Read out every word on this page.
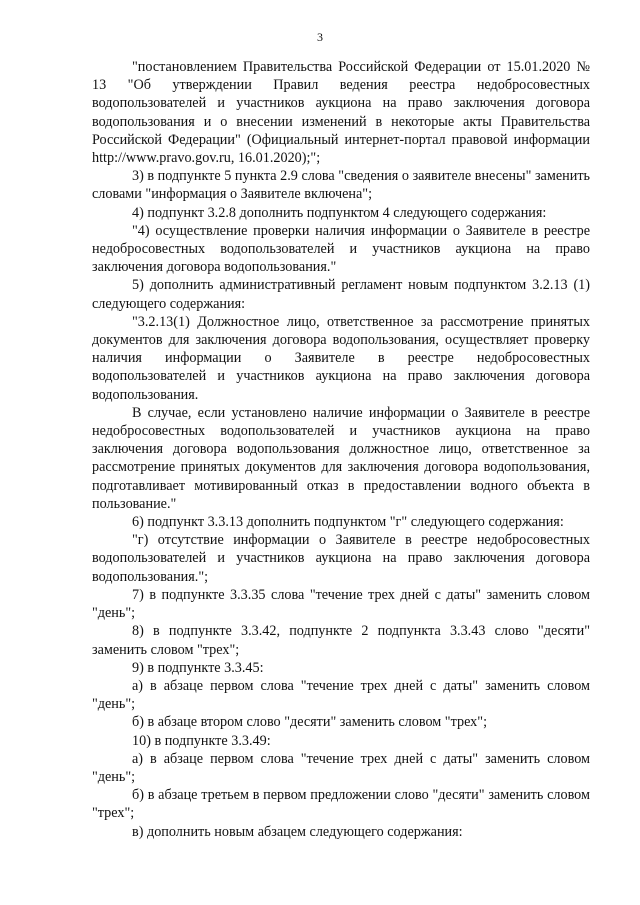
3

"постановлением Правительства Российской Федерации от 15.01.2020 № 13 "Об утверждении Правил ведения реестра недобросовестных водопользователей и участников аукциона на право заключения договора водопользования и о внесении изменений в некоторые акты Правительства Российской Федерации" (Официальный интернет-портал правовой информации http://www.pravo.gov.ru, 16.01.2020);";

3) в подпункте 5 пункта 2.9 слова "сведения о заявителе внесены" заменить словами "информация о Заявителе включена";

4) подпункт 3.2.8 дополнить подпунктом 4 следующего содержания:

"4) осуществление проверки наличия информации о Заявителе в реестре недобросовестных водопользователей и участников аукциона на право заключения договора водопользования."

5) дополнить административный регламент новым подпунктом 3.2.13 (1) следующего содержания:

"3.2.13(1) Должностное лицо, ответственное за рассмотрение принятых документов для заключения договора водопользования, осуществляет проверку наличия информации о Заявителе в реестре недобросовестных водопользователей и участников аукциона на право заключения договора водопользования.

В случае, если установлено наличие информации о Заявителе в реестре недобросовестных водопользователей и участников аукциона на право заключения договора водопользования должностное лицо, ответственное за рассмотрение принятых документов для заключения договора водопользования, подготавливает мотивированный отказ в предоставлении водного объекта в пользование."

6) подпункт 3.3.13 дополнить подпунктом "г" следующего содержания:

"г) отсутствие информации о Заявителе в реестре недобросовестных водопользователей и участников аукциона на право заключения договора водопользования.";

7) в подпункте 3.3.35 слова "течение трех дней с даты" заменить словом "день";

8) в подпункте 3.3.42, подпункте 2 подпункта 3.3.43 слово "десяти" заменить словом "трех";

9) в подпункте 3.3.45:

а) в абзаце первом слова "течение трех дней с даты" заменить словом "день";

б) в абзаце втором слово "десяти" заменить словом "трех";

10) в подпункте 3.3.49:

а) в абзаце первом слова "течение трех дней с даты" заменить словом "день";

б) в абзаце третьем в первом предложении слово "десяти" заменить словом "трех";

в) дополнить новым абзацем следующего содержания:
